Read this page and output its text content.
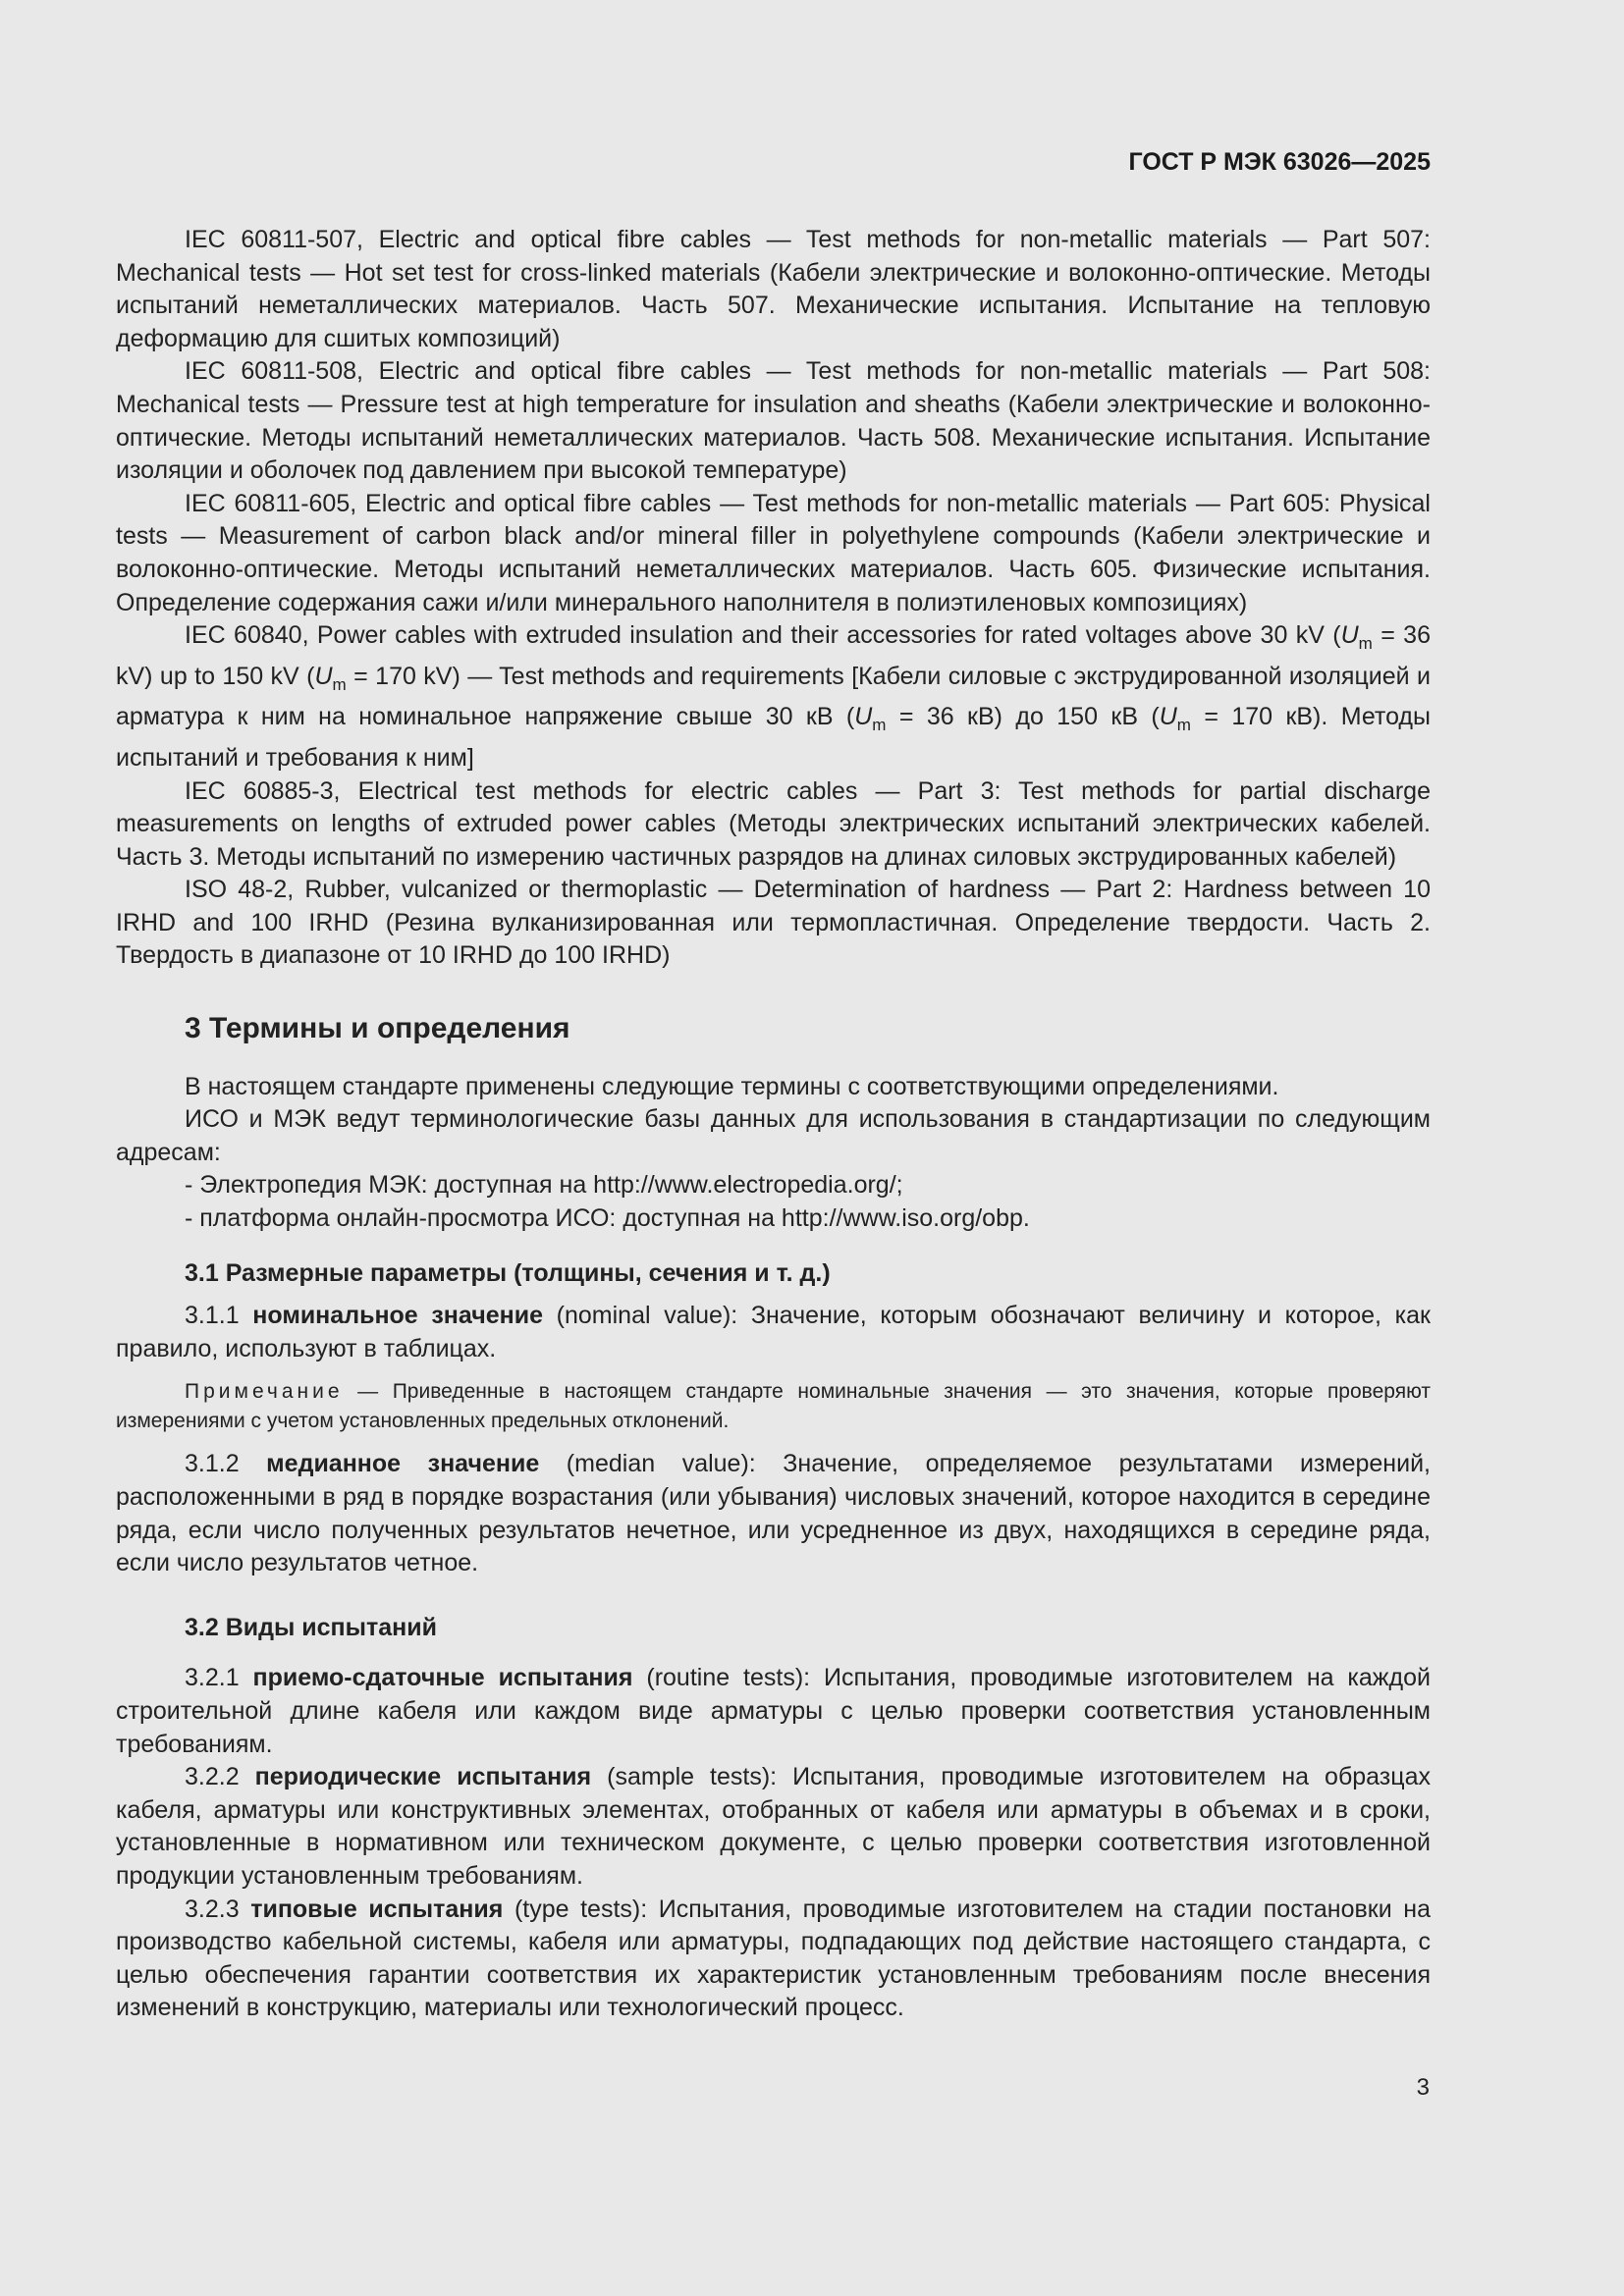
ГОСТ Р МЭК 63026—2025

IEC 60811-507, Electric and optical fibre cables — Test methods for non-metallic materials — Part 507: Mechanical tests — Hot set test for cross-linked materials (Кабели электрические и волоконно-оптические. Методы испытаний неметаллических материалов. Часть 507. Механические испытания. Испытание на тепловую деформацию для сшитых композиций)

IEC 60811-508, Electric and optical fibre cables — Test methods for non-metallic materials — Part 508: Mechanical tests — Pressure test at high temperature for insulation and sheaths (Кабели электрические и волоконно-оптические. Методы испытаний неметаллических материалов. Часть 508. Механические испытания. Испытание изоляции и оболочек под давлением при высокой температуре)

IEC 60811-605, Electric and optical fibre cables — Test methods for non-metallic materials — Part 605: Physical tests — Measurement of carbon black and/or mineral filler in polyethylene compounds (Кабели электрические и волоконно-оптические. Методы испытаний неметаллических материалов. Часть 605. Физические испытания. Определение содержания сажи и/или минерального наполнителя в полиэтиленовых композициях)

IEC 60840, Power cables with extruded insulation and their accessories for rated voltages above 30 kV ($U_m = 36$ kV) up to 150 kV ($U_m = 170$ kV) — Test methods and requirements [Кабели силовые с экструдированной изоляцией и арматура к ним на номинальное напряжение свыше 30 кВ ($U_m = 36$ кВ) до 150 кВ ($U_m = 170$ кВ). Методы испытаний и требования к ним]

IEC 60885-3, Electrical test methods for electric cables — Part 3: Test methods for partial discharge measurements on lengths of extruded power cables (Методы электрических испытаний электрических кабелей. Часть 3. Методы испытаний по измерению частичных разрядов на длинах силовых экструдированных кабелей)

ISO 48-2, Rubber, vulcanized or thermoplastic — Determination of hardness — Part 2: Hardness between 10 IRHD and 100 IRHD (Резина вулканизированная или термопластичная. Определение твердости. Часть 2. Твердость в диапазоне от 10 IRHD до 100 IRHD)

3 Термины и определения

В настоящем стандарте применены следующие термины с соответствующими определениями.

ИСО и МЭК ведут терминологические базы данных для использования в стандартизации по следующим адресам:

- Электропедия МЭК: доступная на http://www.electropedia.org/;

- платформа онлайн-просмотра ИСО: доступная на http://www.iso.org/obp.

3.1 Размерные параметры (толщины, сечения и т. д.)

3.1.1 номинальное значение (nominal value): Значение, которым обозначают величину и которое, как правило, используют в таблицах.

Примечание — Приведенные в настоящем стандарте номинальные значения — это значения, которые проверяют измерениями с учетом установленных предельных отклонений.

3.1.2 медианное значение (median value): Значение, определяемое результатами измерений, расположенными в ряд в порядке возрастания (или убывания) числовых значений, которое находится в середине ряда, если число полученных результатов нечетное, или усредненное из двух, находящихся в середине ряда, если число результатов четное.

3.2 Виды испытаний

3.2.1 приемо-сдаточные испытания (routine tests): Испытания, проводимые изготовителем на каждой строительной длине кабеля или каждом виде арматуры с целью проверки соответствия установленным требованиям.

3.2.2 периодические испытания (sample tests): Испытания, проводимые изготовителем на образцах кабеля, арматуры или конструктивных элементах, отобранных от кабеля или арматуры в объемах и в сроки, установленные в нормативном или техническом документе, с целью проверки соответствия изготовленной продукции установленным требованиям.

3.2.3 типовые испытания (type tests): Испытания, проводимые изготовителем на стадии постановки на производство кабельной системы, кабеля или арматуры, подпадающих под действие настоящего стандарта, с целью обеспечения гарантии соответствия их характеристик установленным требованиям после внесения изменений в конструкцию, материалы или технологический процесс.

3
